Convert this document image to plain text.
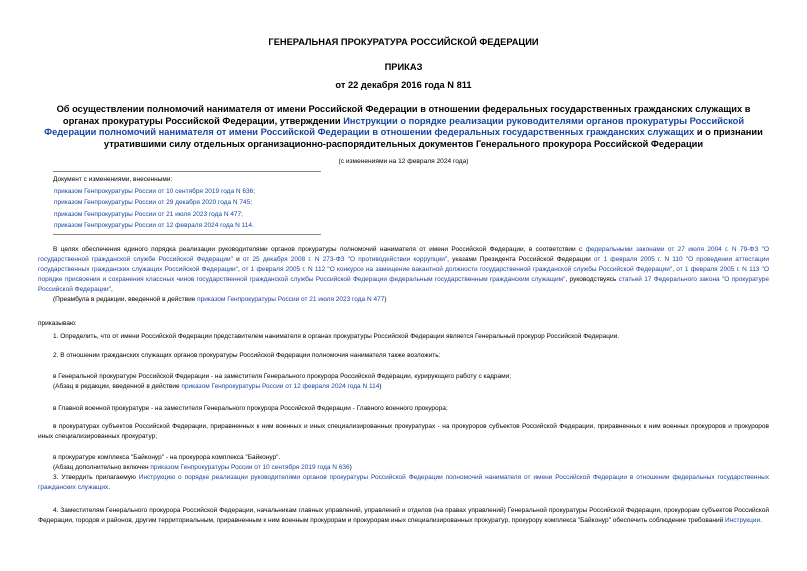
ГЕНЕРАЛЬНАЯ ПРОКУРАТУРА РОССИЙСКОЙ ФЕДЕРАЦИИ
ПРИКАЗ
от 22 декабря 2016 года N 811
Об осуществлении полномочий нанимателя от имени Российской Федерации в отношении федеральных государственных гражданских служащих в органах прокуратуры Российской Федерации, утверждении Инструкции о порядке реализации руководителями органов прокуратуры Российской Федерации полномочий нанимателя от имени Российской Федерации в отношении федеральных государственных гражданских служащих и о признании утратившими силу отдельных организационно-распорядительных документов Генерального прокурора Российской Федерации
(с изменениями на 12 февраля 2024 года)
Документ с изменениями, внесенными:
приказом Генпрокуратуры России от 10 сентября 2019 года N 636;
приказом Генпрокуратуры России от 29 декабря 2020 года N 745;
приказом Генпрокуратуры России от 21 июля 2023 года N 477;
приказом Генпрокуратуры России от 12 февраля 2024 года N 114.
В целях обеспечения единого порядка реализации руководителями органов прокуратуры полномочий нанимателя от имени Российской Федерации, в соответствии с федеральными законами от 27 июля 2004 г. N 79-ФЗ "О государственной гражданской службе Российской Федерации" и от 25 декабря 2008 г. N 273-ФЗ "О противодействии коррупции", указами Президента Российской Федерации от 1 февраля 2005 г. N 110 "О проведении аттестации государственных гражданских служащих Российской Федерации", от 1 февраля 2005 г. N 112 "О конкурсе на замещение вакантной должности государственной гражданской службы Российской Федерации", от 1 февраля 2005 г. N 113 "О порядке присвоения и сохранения классных чинов государственной гражданской службы Российской Федерации федеральным государственным гражданским служащим", руководствуясь статьей 17 Федерального закона "О прокуратуре Российской Федерации",
(Преамбула в редакции, введенной в действие приказом Генпрокуратуры России от 21 июля 2023 года N 477)
приказываю:
1. Определить, что от имени Российской Федерации представителем нанимателя в органах прокуратуры Российской Федерации является Генеральный прокурор Российской Федерации.
2. В отношении гражданских служащих органов прокуратуры Российской Федерации полномочия нанимателя также возложить:
в Генеральной прокуратуре Российской Федерации - на заместителя Генерального прокурора Российской Федерации, курирующего работу с кадрами;
(Абзац в редакции, введенной в действие приказом Генпрокуратуры России от 12 февраля 2024 года N 114)
в Главной военной прокуратуре - на заместителя Генерального прокурора Российской Федерации - Главного военного прокурора;
в прокуратурах субъектов Российской Федерации, приравненных к ним военных и иных специализированных прокуратурах - на прокуроров субъектов Российской Федерации, приравненных к ним военных прокуроров и прокуроров иных специализированных прокуратур;
в прокуратуре комплекса "Байконур" - на прокурора комплекса "Байконур".
(Абзац дополнительно включен приказом Генпрокуратуры России от 10 сентября 2019 года N 636)
3. Утвердить прилагаемую Инструкцию о порядке реализации руководителями органов прокуратуры Российской Федерации полномочий нанимателя от имени Российской Федерации в отношении федеральных государственных гражданских служащих.
4. Заместителям Генерального прокурора Российской Федерации, начальникам главных управлений, управлений и отделов (на правах управлений) Генеральной прокуратуры Российской Федерации, прокурорам субъектов Российской Федерации, городов и районов, другим территориальным, приравненным к ним военным прокурорам и прокурорам иных специализированных прокуратур, прокурору комплекса "Байконур" обеспечить соблюдение требований Инструкции.
